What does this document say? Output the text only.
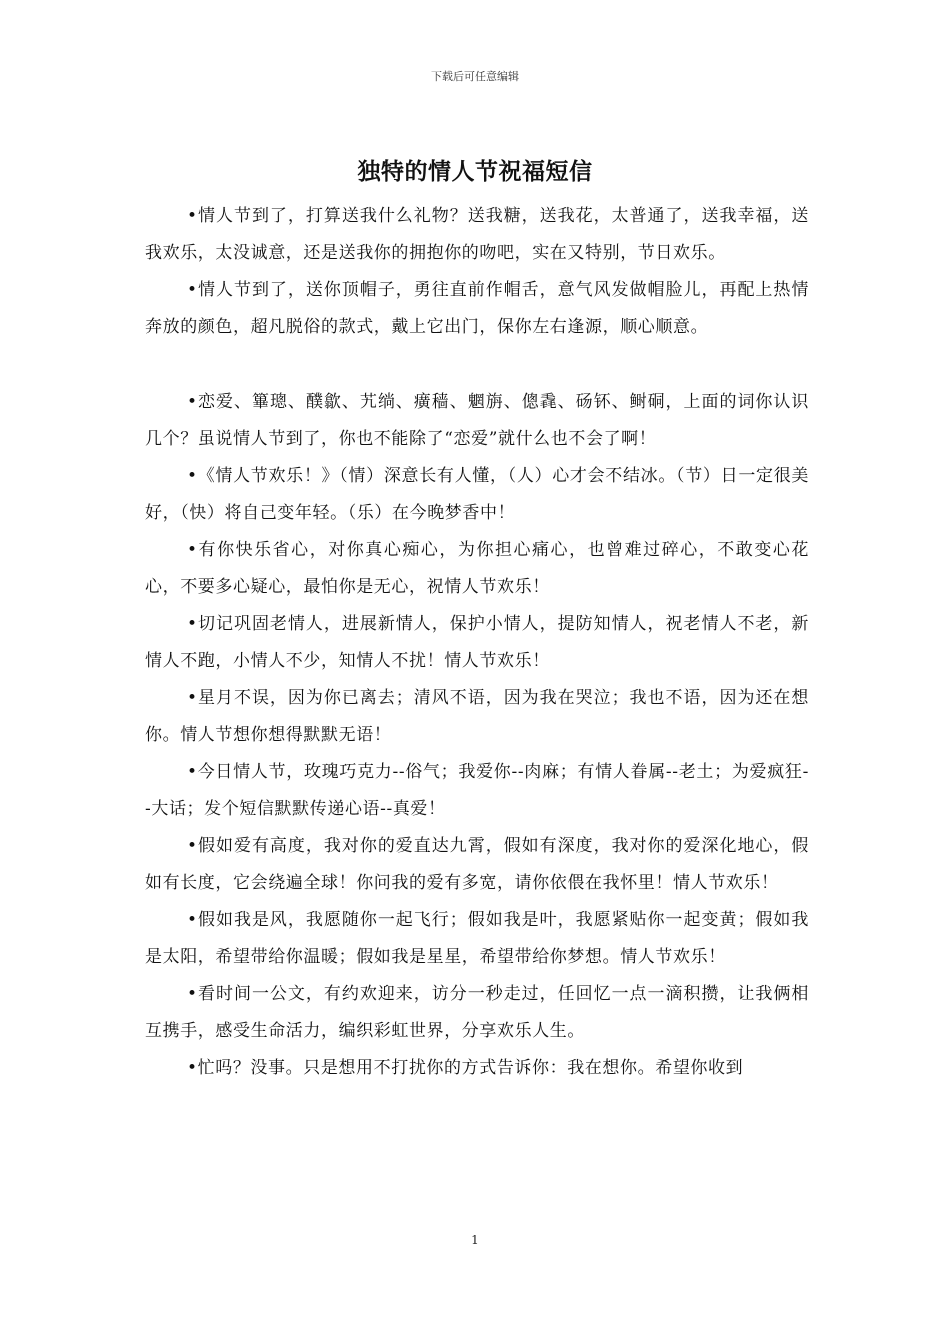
下载后可任意编辑
独特的情人节祝福短信

•情人节到了，打算送我什么礼物？送我糖，送我花，太普通了，送我幸福，送我欢乐，太没诚意，还是送我你的拥抱你的吻吧，实在又特别，节日欢乐。

•情人节到了，送你顶帽子，勇往直前作帽舌，意气风发做帽脸儿，再配上热情奔放的颜色，超凡脱俗的款式，戴上它出门，保你左右逢源，顺心顺意。

•恋爱、篳璁、醭歙、艽绱、癀穑、魍旃、傯毳、砀钚、鲥硐，上面的词你认识几个？虽说情人节到了，你也不能除了“恋爱”就什么也不会了啊！

•《情人节欢乐！》（情）深意长有人懂，（人）心才会不结冰。（节）日一定很美好，（快）将自己变年轻。（乐）在今晚梦香中！

•有你快乐省心，对你真心痴心，为你担心痛心，也曾难过碎心，不敢变心花心，不要多心疑心，最怕你是无心，祝情人节欢乐！

•切记巩固老情人，进展新情人，保护小情人，提防知情人，祝老情人不老，新情人不跑，小情人不少，知情人不扰！情人节欢乐！

•星月不误，因为你已离去；清风不语，因为我在哭泣；我也不语，因为还在想你。情人节想你想得默默无语！

•今日情人节，玫瑰巧克力--俗气；我爱你--肉麻；有情人眷属--老土；为爱疯狂--大话；发个短信默默传递心语--真爱！

•假如爱有高度，我对你的爱直达九霄，假如有深度，我对你的爱深化地心，假如有长度，它会绕遍全球！你问我的爱有多宽，请你依偎在我怀里！情人节欢乐！

•假如我是风，我愿随你一起飞行；假如我是叶，我愿紧贴你一起变黄；假如我是太阳，希望带给你温暖；假如我是星星，希望带给你梦想。情人节欢乐！

•看时间一公文，有约欢迎来，访分一秒走过，任回忆一点一滴积攒，让我俩相互携手，感受生命活力，编织彩虹世界，分享欢乐人生。

•忙吗？没事。只是想用不打扰你的方式告诉你：我在想你。希望你收到

1
